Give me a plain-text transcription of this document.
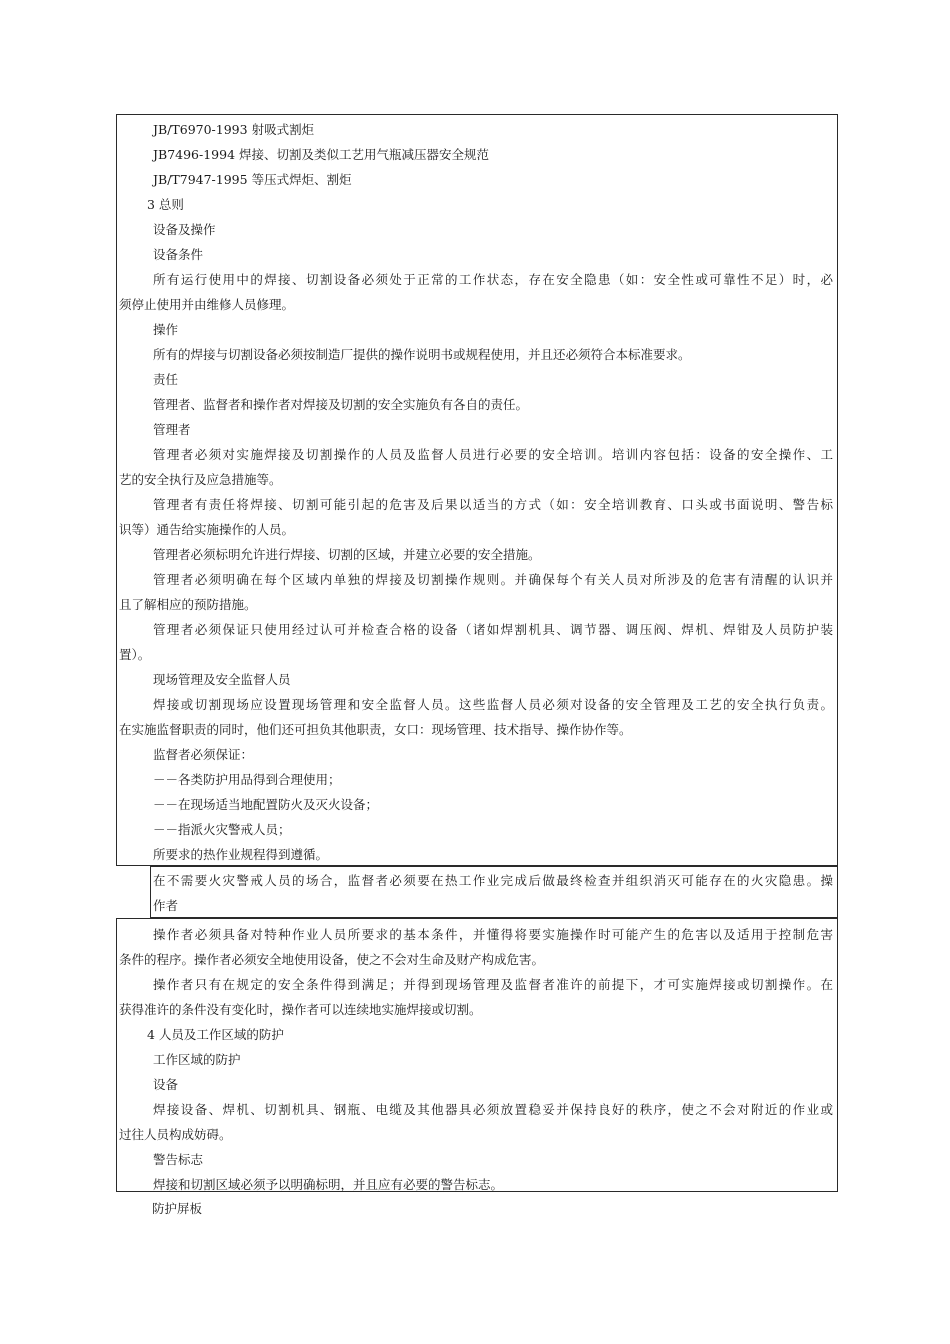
JB/T6970-1993 射吸式割炬
JB7496-1994 焊接、切割及类似工艺用气瓶减压器安全规范
JB/T7947-1995 等压式焊炬、割炬
3 总则
设备及操作
设备条件
所有运行使用中的焊接、切割设备必须处于正常的工作状态，存在安全隐患（如：安全性或可靠性不足）时，必
须停止使用并由维修人员修理。
操作
所有的焊接与切割设备必须按制造厂提供的操作说明书或规程使用，并且还必须符合本标准要求。
责任
管理者、监督者和操作者对焊接及切割的安全实施负有各自的责任。
管理者
管理者必须对实施焊接及切割操作的人员及监督人员进行必要的安全培训。培训内容包括：设备的安全操作、工
艺的安全执行及应急措施等。
管理者有责任将焊接、切割可能引起的危害及后果以适当的方式（如：安全培训教育、口头或书面说明、警告标
识等）通告给实施操作的人员。
管理者必须标明允许进行焊接、切割的区域，并建立必要的安全措施。
管理者必须明确在每个区域内单独的焊接及切割操作规则。并确保每个有关人员对所涉及的危害有清醒的认识并
且了解相应的预防措施。
管理者必须保证只使用经过认可并检查合格的设备（诸如焊割机具、调节器、调压阀、焊机、焊钳及人员防护装
置）。
现场管理及安全监督人员
焊接或切割现场应设置现场管理和安全监督人员。这些监督人员必须对设备的安全管理及工艺的安全执行负责。
在实施监督职责的同时，他们还可担负其他职责，女口：现场管理、技术指导、操作协作等。
监督者必须保证：
－－各类防护用品得到合理使用；
－－在现场适当地配置防火及灭火设备；
－－指派火灾警戒人员；
所要求的热作业规程得到遵循。
在不需要火灾警戒人员的场合，监督者必须要在热工作业完成后做最终检查并组织消灭可能存在的火灾隐患。操
作者
操作者必须具备对特种作业人员所要求的基本条件，并懂得将要实施操作时可能产生的危害以及适用于控制危害
条件的程序。操作者必须安全地使用设备，使之不会对生命及财产构成危害。
操作者只有在规定的安全条件得到满足；并得到现场管理及监督者准许的前提下，才可实施焊接或切割操作。在
获得准许的条件没有变化时，操作者可以连续地实施焊接或切割。
4 人员及工作区域的防护
工作区域的防护
设备
焊接设备、焊机、切割机具、钢瓶、电缆及其他器具必须放置稳妥并保持良好的秩序，使之不会对附近的作业或
过往人员构成妨碍。
警告标志
焊接和切割区域必须予以明确标明，并且应有必要的警告标志。
防护屏板
